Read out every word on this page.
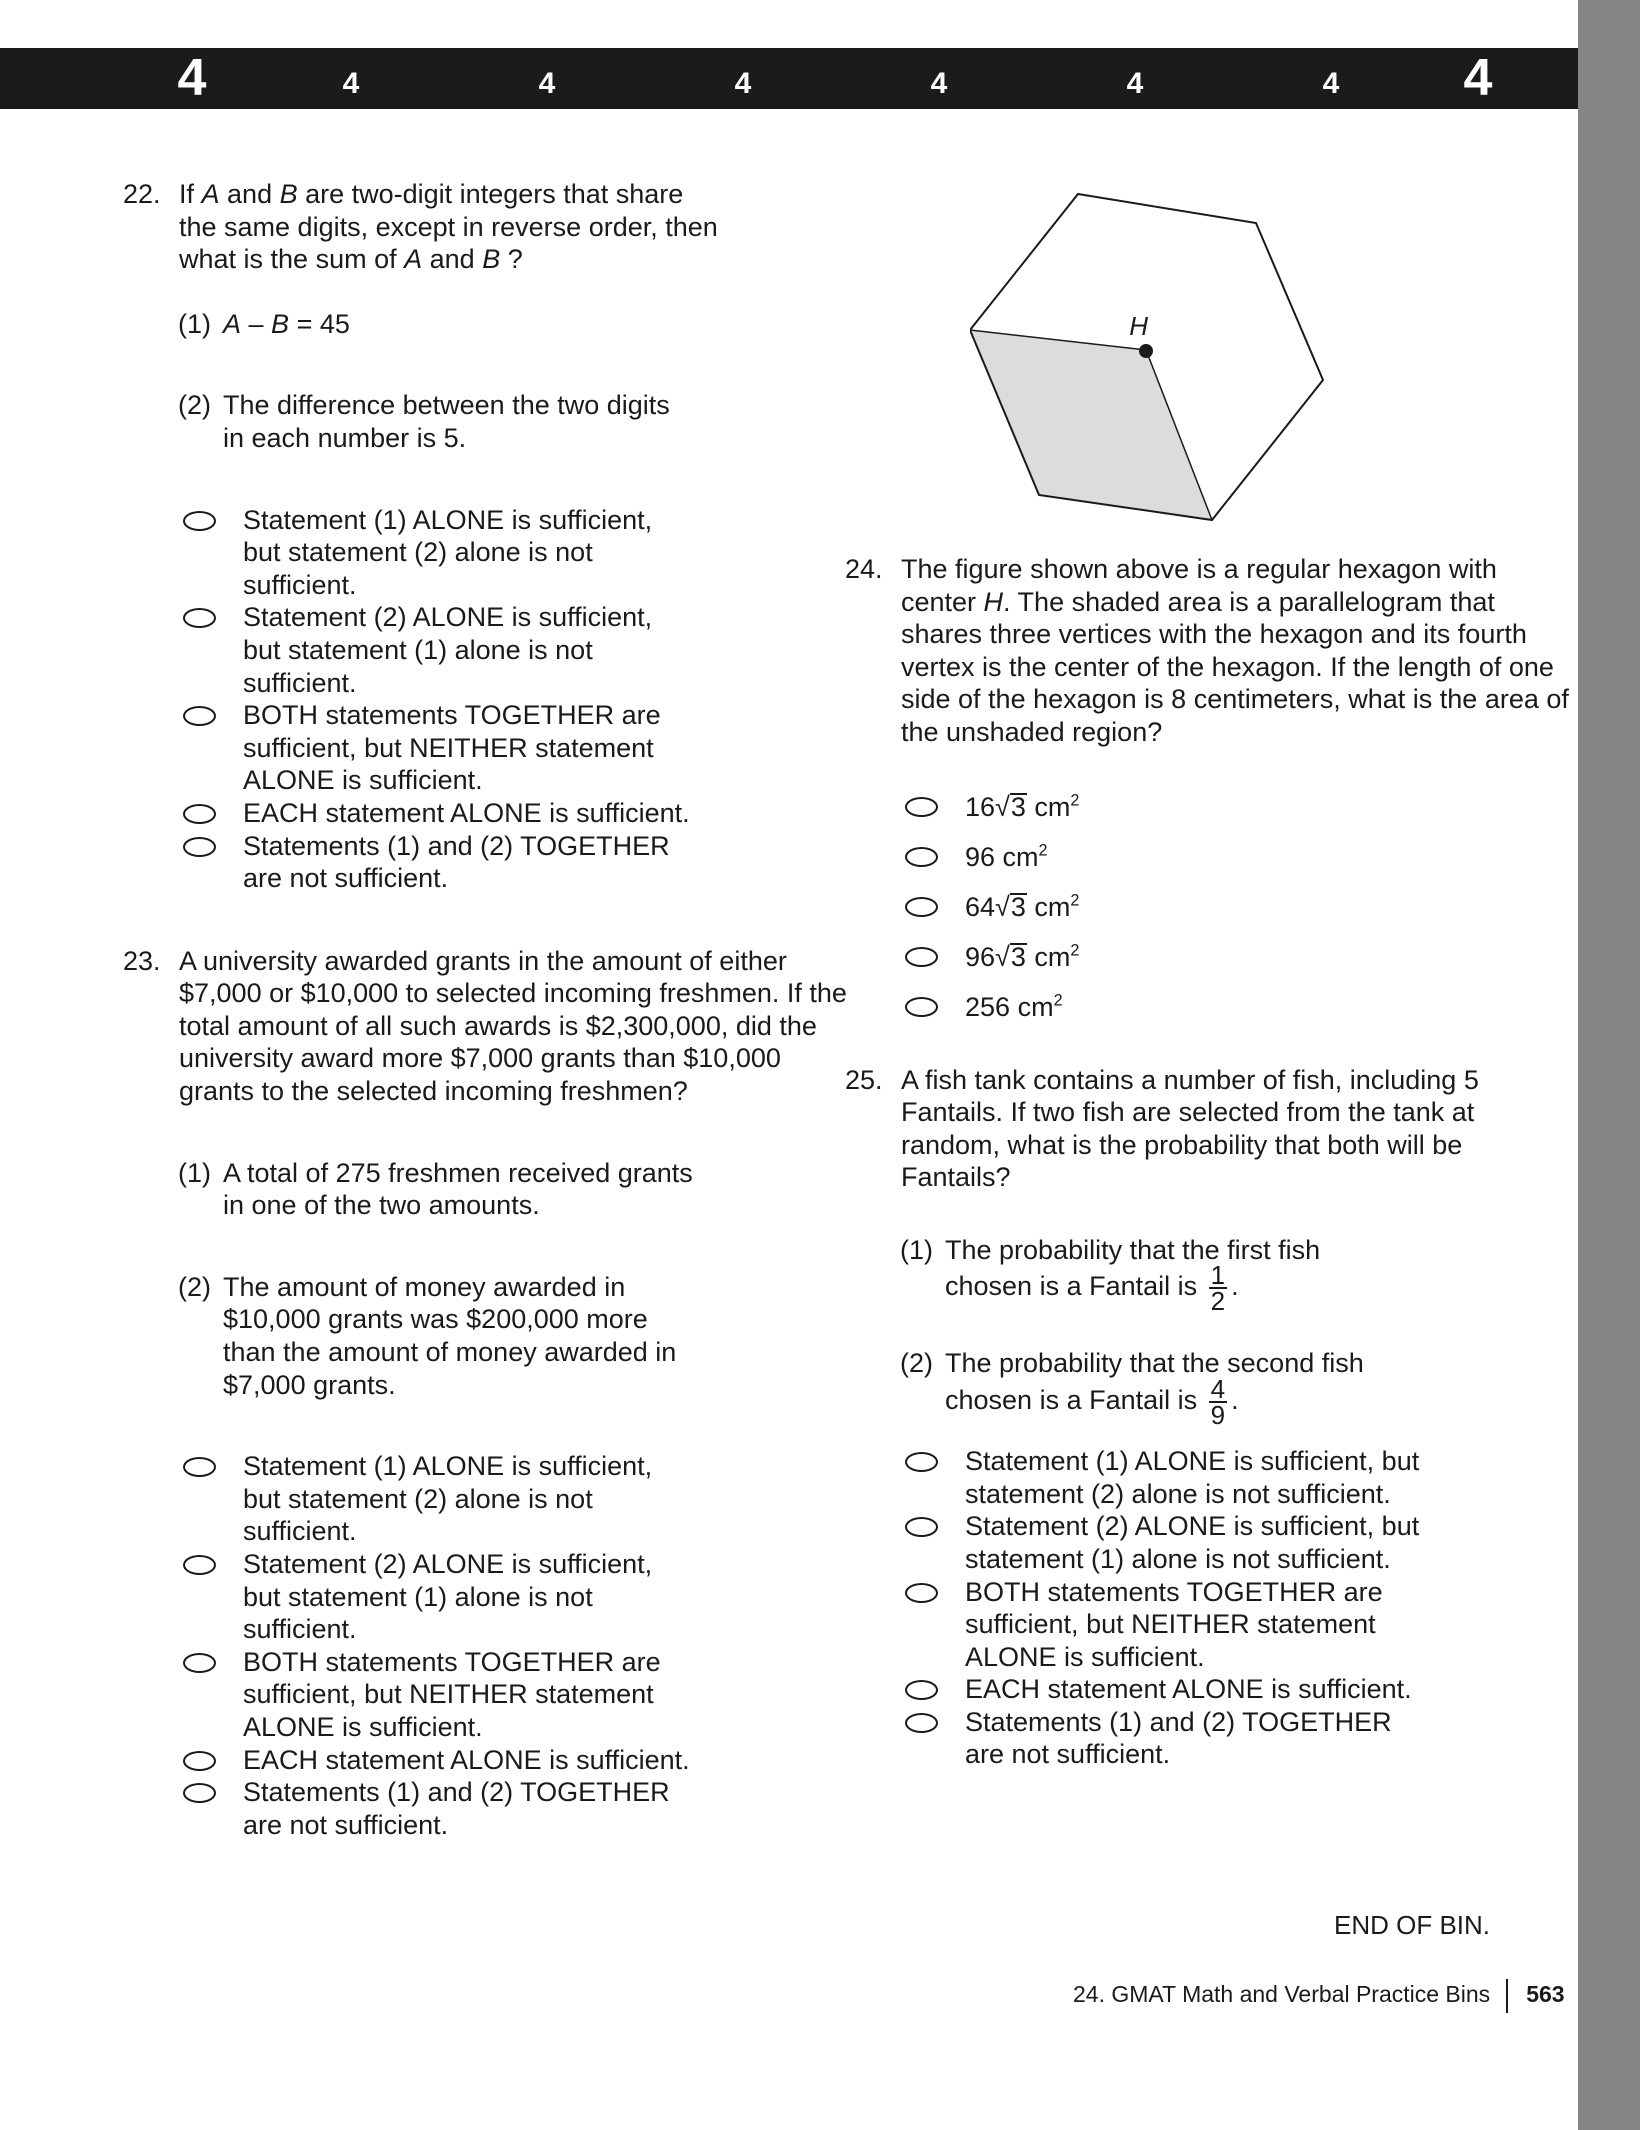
4	4	4	4	4	4	4 4
22. If A and B are two-digit integers that share the same digits, except in reverse order, then what is the sum of A and B ?
(1) A – B = 45
(2) The difference between the two digits in each number is 5.
Statement (1) ALONE is sufficient, but statement (2) alone is not sufficient.
Statement (2) ALONE is sufficient, but statement (1) alone is not sufficient.
BOTH statements TOGETHER are sufficient, but NEITHER statement ALONE is sufficient.
EACH statement ALONE is sufficient.
Statements (1) and (2) TOGETHER are not sufficient.
23. A university awarded grants in the amount of either $7,000 or $10,000 to selected incoming freshmen. If the total amount of all such awards is $2,300,000, did the university award more $7,000 grants than $10,000 grants to the selected incoming freshmen?
(1) A total of 275 freshmen received grants in one of the two amounts.
(2) The amount of money awarded in $10,000 grants was $200,000 more than the amount of money awarded in $7,000 grants.
Statement (1) ALONE is sufficient, but statement (2) alone is not sufficient.
Statement (2) ALONE is sufficient, but statement (1) alone is not sufficient.
BOTH statements TOGETHER are sufficient, but NEITHER statement ALONE is sufficient.
EACH statement ALONE is sufficient.
Statements (1) and (2) TOGETHER are not sufficient.
H
24. The figure shown above is a regular hexagon with center H. The shaded area is a parallelogram that shares three vertices with the hexagon and its fourth vertex is the center of the hexagon. If the length of one side of the hexagon is 8 centimeters, what is the area of the unshaded region?
16√3 $cm^2$
96 $cm^2$
64√3 $cm^2$
96√3 $cm^2$
256 $cm^2$
25. A fish tank contains a number of fish, including 5 Fantails. If two fish are selected from the tank at random, what is the probability that both will be Fantails?
(1) The probability that the first fish
chosen is a Fantail is $\frac{1}{2}$ .
(2) The probability that the second fish
chosen is a Fantail is $\frac{4}{9}$ .
Statement (1) ALONE is sufficient, but statement (2) alone is not sufficient.
Statement (2) ALONE is sufficient, but statement (1) alone is not sufficient.
BOTH statements TOGETHER are sufficient, but NEITHER statement ALONE is sufficient.
EACH statement ALONE is sufficient.
Statements (1) and (2) TOGETHER are not sufficient.
END OF BIN.
24. GMAT Math and Verbal Practice Bins 563
